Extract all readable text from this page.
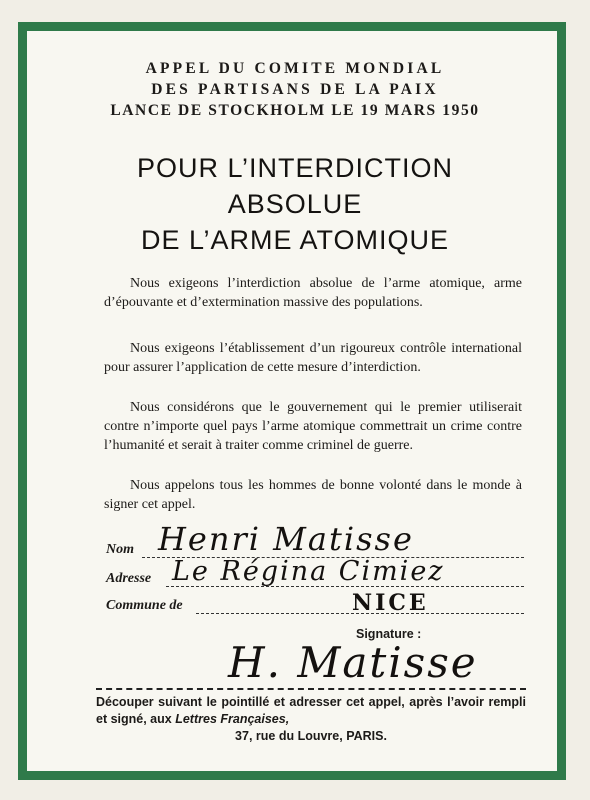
APPEL DU COMITE MONDIAL
DES PARTISANS DE LA PAIX
LANCE DE STOCKHOLM LE 19 MARS 1950
POUR L’INTERDICTION
ABSOLUE
DE L’ARME ATOMIQUE
Nous exigeons l’interdiction absolue de l’arme atomique, arme d’épouvante et d’extermination massive des populations.
Nous exigeons l’établissement d’un rigoureux contrôle international pour assurer l’application de cette mesure d’interdiction.
Nous considérons que le gouvernement qui le premier utiliserait contre n’importe quel pays l’arme atomique commettrait un crime contre l’humanité et serait à traiter comme criminel de guerre.
Nous appelons tous les hommes de bonne volonté dans le monde à signer cet appel.
Nom Henri Matisse
Adresse Le Régina Cimiez
Commune de	NICE
Signature :
H. Matisse
Découper suivant le pointillé et adresser cet appel, après l’avoir rempli et signé, aux Lettres Françaises,
37, rue du Louvre, PARIS.
